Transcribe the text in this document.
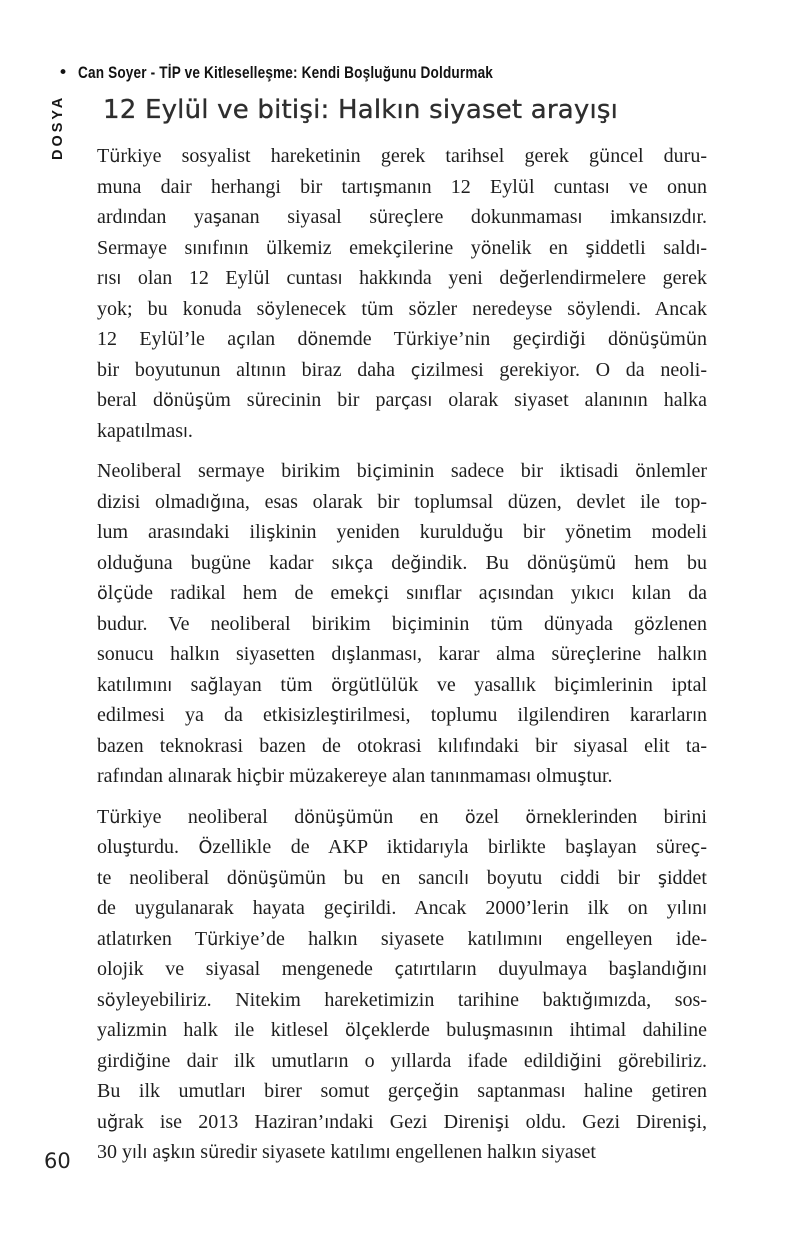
• Can Soyer - TİP ve Kitleselleşme: Kendi Boşluğunu Doldurmak
DOSYA 12 Eylül ve bitişi: Halkın siyaset arayışı
Türkiye sosyalist hareketinin gerek tarihsel gerek güncel duru-
muna dair herhangi bir tartışmanın 12 Eylül cuntası ve onun
ardından yaşanan siyasal süreçlere dokunmaması imkansızdır.
Sermaye sınıfının ülkemiz emekçilerine yönelik en şiddetli saldı-
rısı olan 12 Eylül cuntası hakkında yeni değerlendirmelere gerek
yok; bu konuda söylenecek tüm sözler neredeyse söylendi. Ancak
12 Eylül’le açılan dönemde Türkiye’nin geçirdiği dönüşümün
bir boyutunun altının biraz daha çizilmesi gerekiyor. O da neoli-
beral dönüşüm sürecinin bir parçası olarak siyaset alanının halka
kapatılması.
Neoliberal sermaye birikim biçiminin sadece bir iktisadi önlemler
dizisi olmadığına, esas olarak bir toplumsal düzen, devlet ile top-
lum arasındaki ilişkinin yeniden kurulduğu bir yönetim modeli
olduğuna bugüne kadar sıkça değindik. Bu dönüşümü hem bu
ölçüde radikal hem de emekçi sınıflar açısından yıkıcı kılan da
budur. Ve neoliberal birikim biçiminin tüm dünyada gözlenen
sonucu halkın siyasetten dışlanması, karar alma süreçlerine halkın
katılımını sağlayan tüm örgütlülük ve yasallık biçimlerinin iptal
edilmesi ya da etkisizleştirilmesi, toplumu ilgilendiren kararların
bazen teknokrasi bazen de otokrasi kılıfındaki bir siyasal elit ta-
rafından alınarak hiçbir müzakereye alan tanınmaması olmuştur.
Türkiye neoliberal dönüşümün en özel örneklerinden birini
oluşturdu. Özellikle de AKP iktidarıyla birlikte başlayan süreç-
te neoliberal dönüşümün bu en sancılı boyutu ciddi bir şiddet
de uygulanarak hayata geçirildi. Ancak 2000’lerin ilk on yılını
atlatırken Türkiye’de halkın siyasete katılımını engelleyen ide-
olojik ve siyasal mengenede çatırtıların duyulmaya başlandığını
söyleyebiliriz. Nitekim hareketimizin tarihine baktığımızda, sos-
yalizmin halk ile kitlesel ölçeklerde buluşmasının ihtimal dahiline
girdiğine dair ilk umutların o yıllarda ifade edildiğini görebiliriz.
Bu ilk umutları birer somut gerçeğin saptanması haline getiren
uğrak ise 2013 Haziran’ındaki Gezi Direnişi oldu. Gezi Direnişi,
30 yılı aşkın süredir siyasete katılımı engellenen halkın siyaset
60
